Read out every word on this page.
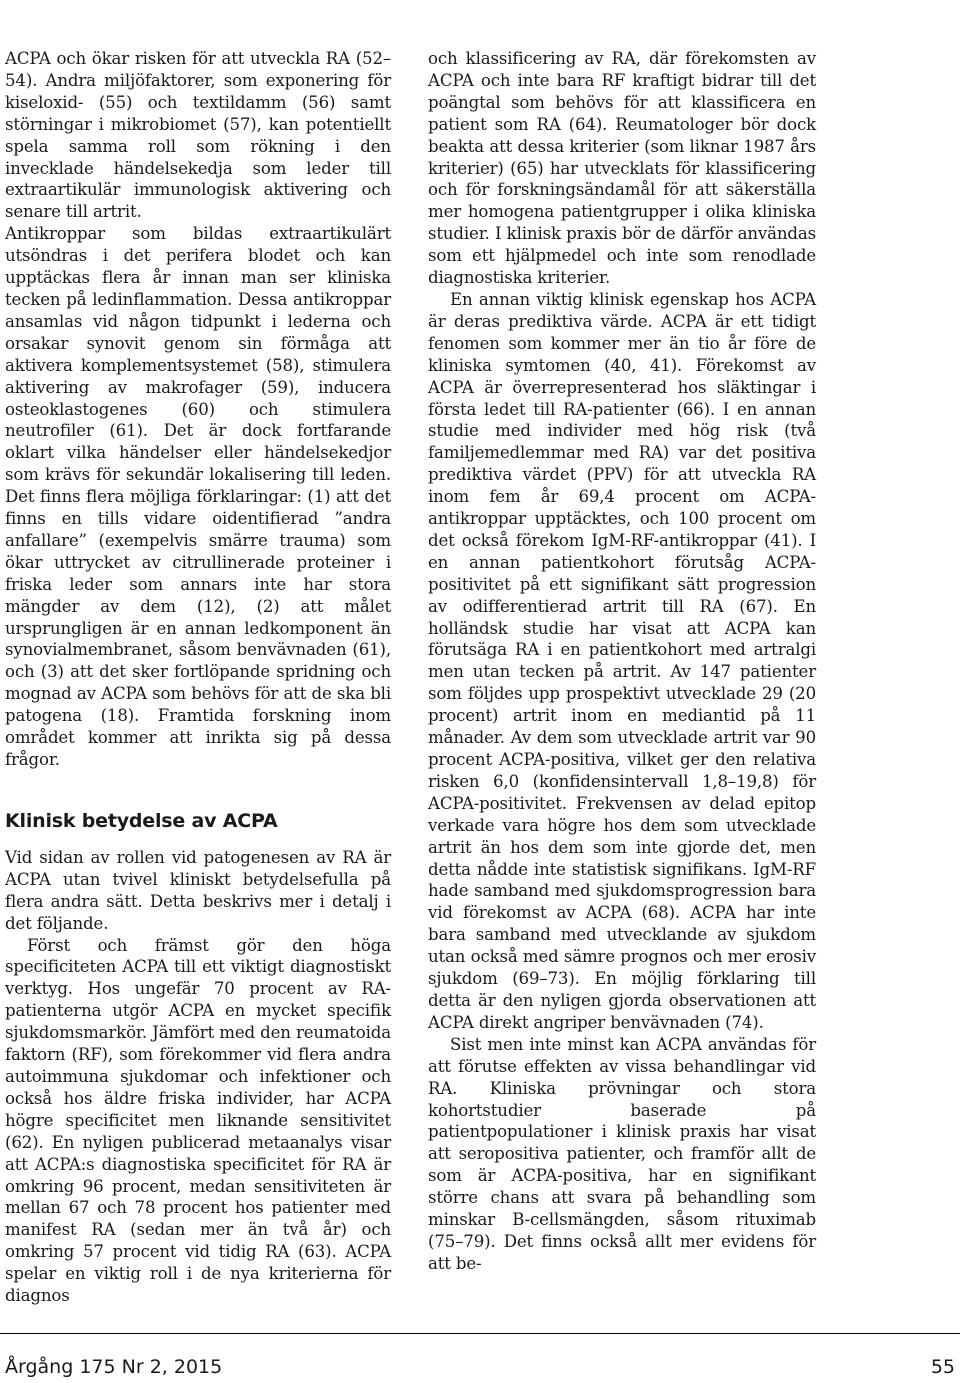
ACPA och ökar risken för att utveckla RA (52–54). Andra miljöfaktorer, som exponering för kiseloxid- (55) och textildamm (56) samt störningar i mikrobiomet (57), kan potentiellt spela samma roll som rökning i den invecklade händelsekedja som leder till extraartikulär immunologisk aktivering och senare till artrit.

Antikroppar som bildas extraartikulärt utsöndras i det perifera blodet och kan upptäckas flera år innan man ser kliniska tecken på ledinflammation. Dessa antikroppar ansamlas vid någon tidpunkt i lederna och orsakar synovit genom sin förmåga att aktivera komplementsystemet (58), stimulera aktivering av makrofager (59), inducera osteoklastogenes (60) och stimulera neutrofiler (61). Det är dock fortfarande oklart vilka händelser eller händelsekedjor som krävs för sekundär lokalisering till leden. Det finns flera möjliga förklaringar: (1) att det finns en tills vidare oidentifierad ”andra anfallare” (exempelvis smärre trauma) som ökar uttrycket av citrullinerade proteiner i friska leder som annars inte har stora mängder av dem (12), (2) att målet ursprungligen är en annan ledkomponent än synovialmembranet, såsom benvävnaden (61), och (3) att det sker fortlöpande spridning och mognad av ACPA som behövs för att de ska bli patogena (18). Framtida forskning inom området kommer att inrikta sig på dessa frågor.

Klinisk betydelse av ACPA

Vid sidan av rollen vid patogenesen av RA är ACPA utan tvivel kliniskt betydelsefulla på flera andra sätt. Detta beskrivs mer i detalj i det följande.

Först och främst gör den höga specificiteten ACPA till ett viktigt diagnostiskt verktyg. Hos ungefär 70 procent av RA-patienterna utgör ACPA en mycket specifik sjukdomsmarkör. Jämfört med den reumatoida faktorn (RF), som förekommer vid flera andra autoimmuna sjukdomar och infektioner och också hos äldre friska individer, har ACPA högre specificitet men liknande sensitivitet (62). En nyligen publicerad metaanalys visar att ACPA:s diagnostiska specificitet för RA är omkring 96 procent, medan sensitiviteten är mellan 67 och 78 procent hos patienter med manifest RA (sedan mer än två år) och omkring 57 procent vid tidig RA (63). ACPA spelar en viktig roll i de nya kriterierna för diagnos

och klassificering av RA, där förekomsten av ACPA och inte bara RF kraftigt bidrar till det poängtal som behövs för att klassificera en patient som RA (64). Reumatologer bör dock beakta att dessa kriterier (som liknar 1987 års kriterier) (65) har utvecklats för klassificering och för forskningsändamål för att säkerställa mer homogena patientgrupper i olika kliniska studier. I klinisk praxis bör de därför användas som ett hjälpmedel och inte som renodlade diagnostiska kriterier.

En annan viktig klinisk egenskap hos ACPA är deras prediktiva värde. ACPA är ett tidigt fenomen som kommer mer än tio år före de kliniska symtomen (40, 41). Förekomst av ACPA är överrepresenterad hos släktingar i första ledet till RA-patienter (66). I en annan studie med individer med hög risk (två familjemedlemmar med RA) var det positiva prediktiva värdet (PPV) för att utveckla RA inom fem år 69,4 procent om ACPA-antikroppar upptäcktes, och 100 procent om det också förekom IgM-RF-antikroppar (41). I en annan patientkohort förutsåg ACPA-positivitet på ett signifikant sätt progression av odifferentierad artrit till RA (67). En holländsk studie har visat att ACPA kan förutsäga RA i en patientkohort med artralgi men utan tecken på artrit. Av 147 patienter som följdes upp prospektivt utvecklade 29 (20 procent) artrit inom en mediantid på 11 månader. Av dem som utvecklade artrit var 90 procent ACPA-positiva, vilket ger den relativa risken 6,0 (konfidensintervall 1,8–19,8) för ACPA-positivitet. Frekvensen av delad epitop verkade vara högre hos dem som utvecklade artrit än hos dem som inte gjorde det, men detta nådde inte statistisk signifikans. IgM-RF hade samband med sjukdomsprogression bara vid förekomst av ACPA (68). ACPA har inte bara samband med utvecklande av sjukdom utan också med sämre prognos och mer erosiv sjukdom (69–73). En möjlig förklaring till detta är den nyligen gjorda observationen att ACPA direkt angriper benvävnaden (74).

Sist men inte minst kan ACPA användas för att förutse effekten av vissa behandlingar vid RA. Kliniska prövningar och stora kohortstudier baserade på patientpopulationer i klinisk praxis har visat att seropositiva patienter, och framför allt de som är ACPA-positiva, har en signifikant större chans att svara på behandling som minskar B-cellsmängden, såsom rituximab (75–79). Det finns också allt mer evidens för att be-

Årgång 175 Nr 2, 2015	55
